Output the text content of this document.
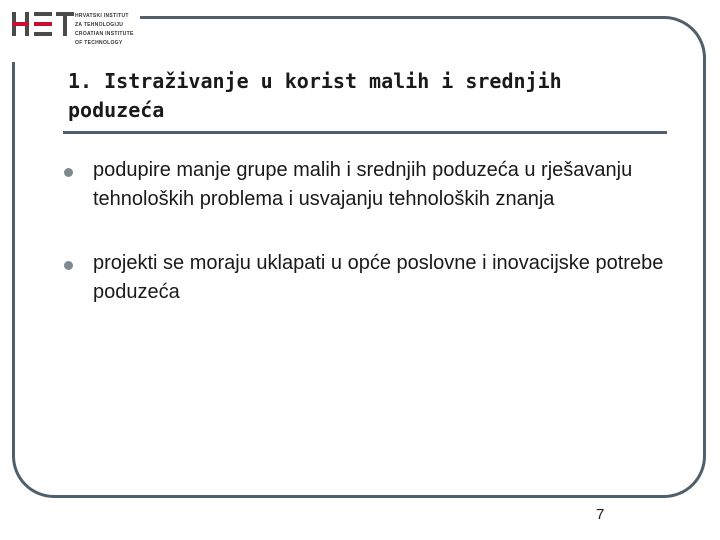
HRVATSKI INSTITUT
ZA TEHNOLOGIJU
CROATIAN INSTITUTE
OF TECHNOLOGY
1. Istraživanje u korist malih i srednjih poduzeća
podupire manje grupe malih i srednjih poduzeća u rješavanju tehnoloških problema i usvajanju tehnoloških znanja
projekti se moraju uklapati u opće poslovne i inovacijske potrebe poduzeća
7
